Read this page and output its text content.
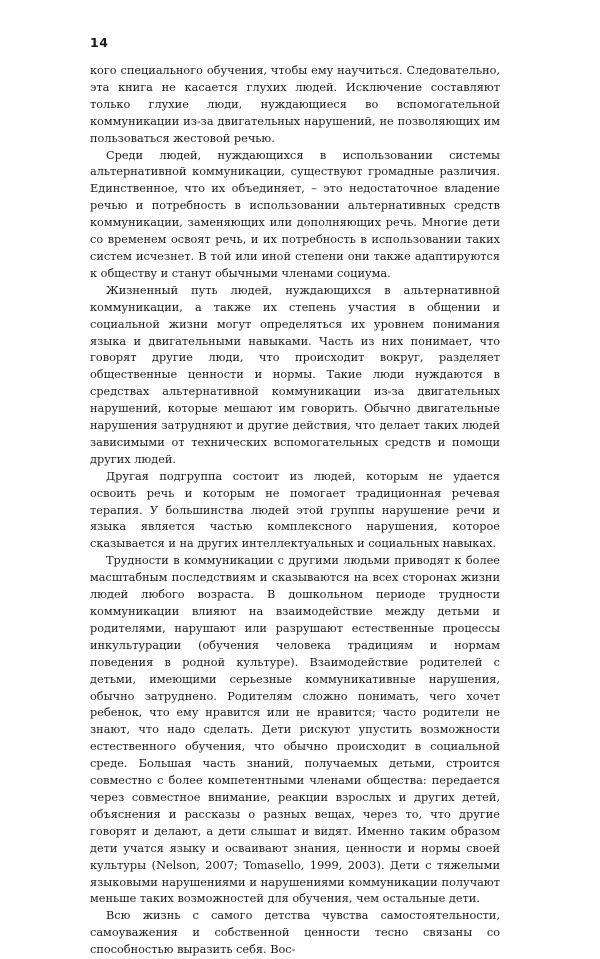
14

кого специального обучения, чтобы ему научиться. Следовательно, эта книга не касается глухих людей. Исключение составляют только глухие люди, нуждающиеся во вспомогательной коммуникации из-за двигательных нарушений, не позволяющих им пользоваться жестовой речью.

Среди людей, нуждающихся в использовании системы альтернативной коммуникации, существуют громадные различия. Единственное, что их объединяет, – это недостаточное владение речью и потребность в использовании альтернативных средств коммуникации, заменяющих или дополняющих речь. Многие дети со временем освоят речь, и их потребность в использовании таких систем исчезнет. В той или иной степени они также адаптируются к обществу и станут обычными членами социума.

Жизненный путь людей, нуждающихся в альтернативной коммуникации, а также их степень участия в общении и социальной жизни могут определяться их уровнем понимания языка и двигательными навыками. Часть из них понимает, что говорят другие люди, что происходит вокруг, разделяет общественные ценности и нормы. Такие люди нуждаются в средствах альтернативной коммуникации из-за двигательных нарушений, которые мешают им говорить. Обычно двигательные нарушения затрудняют и другие действия, что делает таких людей зависимыми от технических вспомогательных средств и помощи других людей.

Другая подгруппа состоит из людей, которым не удается освоить речь и которым не помогает традиционная речевая терапия. У большинства людей этой группы нарушение речи и языка является частью комплексного нарушения, которое сказывается и на других интеллектуальных и социальных навыках.

Трудности в коммуникации с другими людьми приводят к более масштабным последствиям и сказываются на всех сторонах жизни людей любого возраста. В дошкольном периоде трудности коммуникации влияют на взаимодействие между детьми и родителями, нарушают или разрушают естественные процессы инкультурации (обучения человека традициям и нормам поведения в родной культуре). Взаимодействие родителей с детьми, имеющими серьезные коммуникативные нарушения, обычно затруднено. Родителям сложно понимать, чего хочет ребенок, что ему нравится или не нравится; часто родители не знают, что надо сделать. Дети рискуют упустить возможности естественного обучения, что обычно происходит в социальной среде. Большая часть знаний, получаемых детьми, строится совместно с более компетентными членами общества: передается через совместное внимание, реакции взрослых и других детей, объяснения и рассказы о разных вещах, через то, что другие говорят и делают, а дети слышат и видят. Именно таким образом дети учатся языку и осваивают знания, ценности и нормы своей культуры (Nelson, 2007; Tomasello, 1999, 2003). Дети с тяжелыми языковыми нарушениями и нарушениями коммуникации получают меньше таких возможностей для обучения, чем остальные дети.

Всю жизнь с самого детства чувства самостоятельности, самоуважения и собственной ценности тесно связаны со способностью выразить себя. Вос-
